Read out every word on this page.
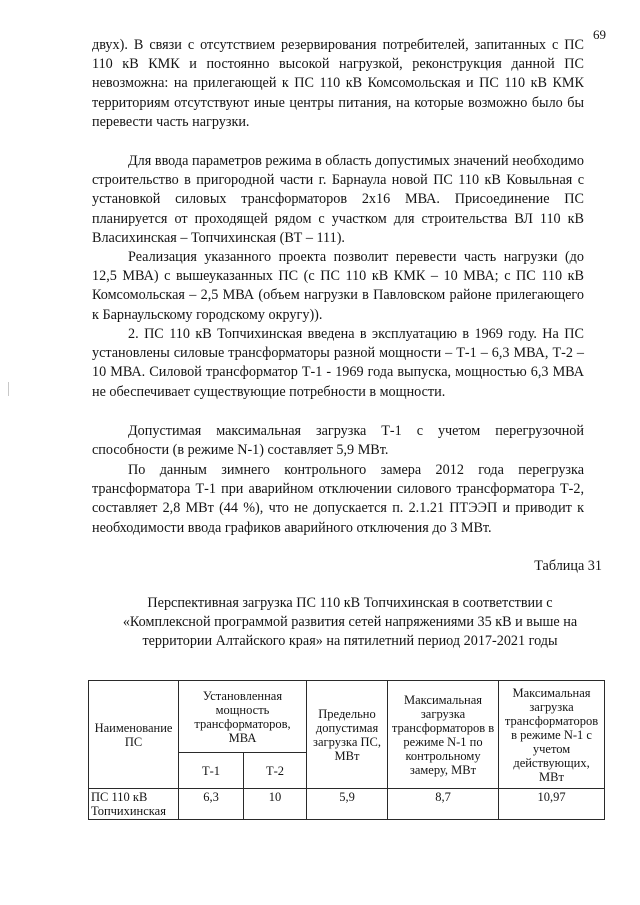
69

двух). В связи с отсутствием резервирования потребителей, запитанных с ПС 110 кВ КМК и постоянно высокой нагрузкой, реконструкция данной ПС невозможна: на прилегающей к ПС 110 кВ Комсомольская и ПС 110 кВ КМК территориям отсутствуют иные центры питания, на которые возможно было бы перевести часть нагрузки.

Для ввода параметров режима в область допустимых значений необходимо строительство в пригородной части г. Барнаула новой ПС 110 кВ Ковыльная с установкой силовых трансформаторов 2х16 МВА. Присоединение ПС планируется от проходящей рядом с участком для строительства ВЛ 110 кВ Власихинская – Топчихинская (ВТ – 111).

Реализация указанного проекта позволит перевести часть нагрузки (до 12,5 МВА) с вышеуказанных ПС (с ПС 110 кВ КМК – 10 МВА; с ПС 110 кВ Комсомольская – 2,5 МВА (объем нагрузки в Павловском районе прилегающего к Барнаульскому городскому округу)).

2. ПС 110 кВ Топчихинская введена в эксплуатацию в 1969 году. На ПС установлены силовые трансформаторы разной мощности – Т-1 – 6,3 МВА, Т-2 – 10 МВА. Силовой трансформатор Т-1 - 1969 года выпуска, мощностью 6,3 МВА не обеспечивает существующие потребности в мощности.

Допустимая максимальная загрузка Т-1 с учетом перегрузочной способности (в режиме N-1) составляет 5,9 МВт.

По данным зимнего контрольного замера 2012 года перегрузка трансформатора Т-1 при аварийном отключении силового трансформатора Т-2, составляет 2,8 МВт (44 %), что не допускается п. 2.1.21 ПТЭЭП и приводит к необходимости ввода графиков аварийного отключения до 3 МВт.

Таблица 31
Перспективная загрузка ПС 110 кВ Топчихинская в соответствии с «Комплексной программой развития сетей напряжениями 35 кВ и выше на территории Алтайского края» на пятилетний период 2017-2021 годы
Наименование ПС	Установленная мощность трансформаторов, МВА		Предельно допустимая загрузка ПС, МВт	Максимальная загрузка трансформаторов в режиме N-1 по контрольному замеру, МВт	Максимальная загрузка трансформаторов в режиме N-1 с учетом действующих, МВт
	Т-1	Т-2			
ПС 110 кВ Топчихинская	6,3	10	5,9	8,7	10,97
